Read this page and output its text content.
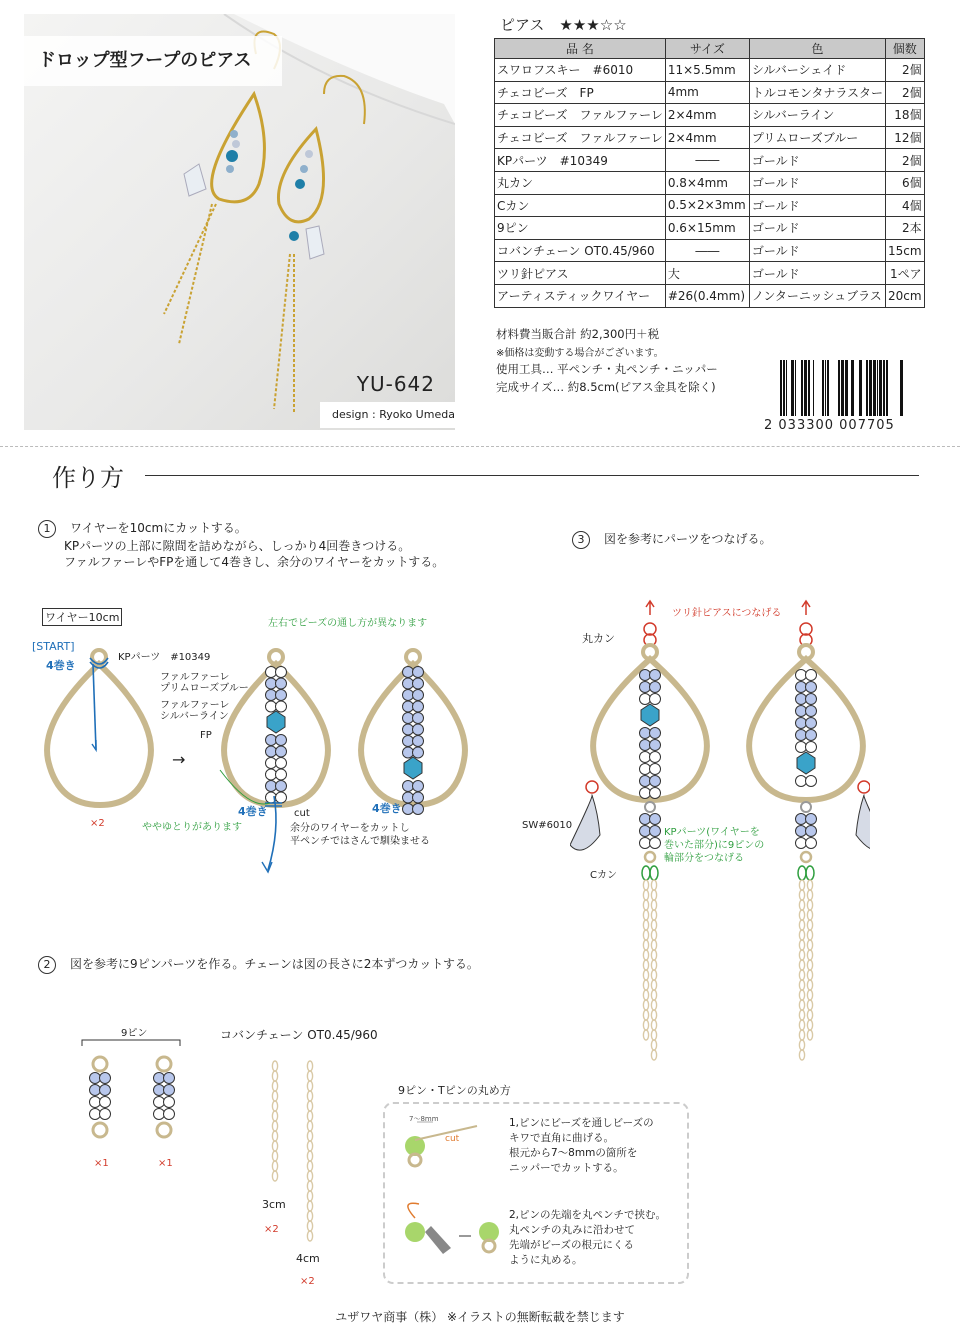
ドロップ型フープのピアス
YU-642
design : Ryoko Umeda
ピアス　★★★☆☆
品 名	サイズ	色	個数
スワロフスキー　#6010	11×5.5mm	シルバーシェイド	2個
チェコビーズ　FP	4mm	トルコモンタナラスター	2個
チェコビーズ　ファルファーレ	2×4mm	シルバーライン	18個
チェコビーズ　ファルファーレ	2×4mm	プリムローズブルー	12個
KPパーツ　#10349	――	ゴールド	2個
丸カン	0.8×4mm	ゴールド	6個
Cカン	0.5×2×3mm	ゴールド	4個
9ピン	0.6×15mm	ゴールド	2本
コバンチェーン OT0.45/960	――	ゴールド	15cm
ツリ針ピアス	大	ゴールド	1ペア
アーティスティックワイヤー	#26(0.4mm)	ノンターニッシュブラス	20cm
材料費当販合計 約2,300円＋税
※価格は変動する場合がございます。
使用工具… 平ペンチ・丸ペンチ・ニッパー
完成サイズ… 約8.5cm(ピアス金具を除く)
2 033300 007705
作り方
1 ワイヤーを10cmにカットする。
KPパーツの上部に隙間を詰めながら、しっかり4回巻きつける。
ファルファーレやFPを通して4巻きし、余分のワイヤーをカットする。
3 図を参考にパーツをつなげる。
ワイヤー10cm
[START]
4巻き
KPパーツ　#10349
×2
→
左右でビーズの通し方が異なります
ファルファーレ
プリムローズブルー
ファルファーレ
シルバーライン
FP
ややゆとりがあります
4巻き	4巻き
cut
余分のワイヤーをカットし
平ペンチではさんで馴染ませる
ツリ針ピアスにつなげる
丸カン
SW#6010
Cカン
KPパーツ(ワイヤーを
巻いた部分)に9ピンの
輪部分をつなげる
2 図を参考に9ピンパーツを作る。チェーンは図の長さに2本ずつカットする。
9ピン
×1	×1
コバンチェーン OT0.45/960
3cm
×2
4cm
×2
9ピン・Tピンの丸め方
7〜8mm
cut
1,ピンにビーズを通しビーズの
キワで直角に曲げる。
根元から7〜8mmの箇所を
ニッパーでカットする。
2,ピンの先端を丸ペンチで挟む。
丸ペンチの丸みに沿わせて
先端がビーズの根元にくる
ように丸める。
ユザワヤ商事（株） ※イラストの無断転載を禁じます
